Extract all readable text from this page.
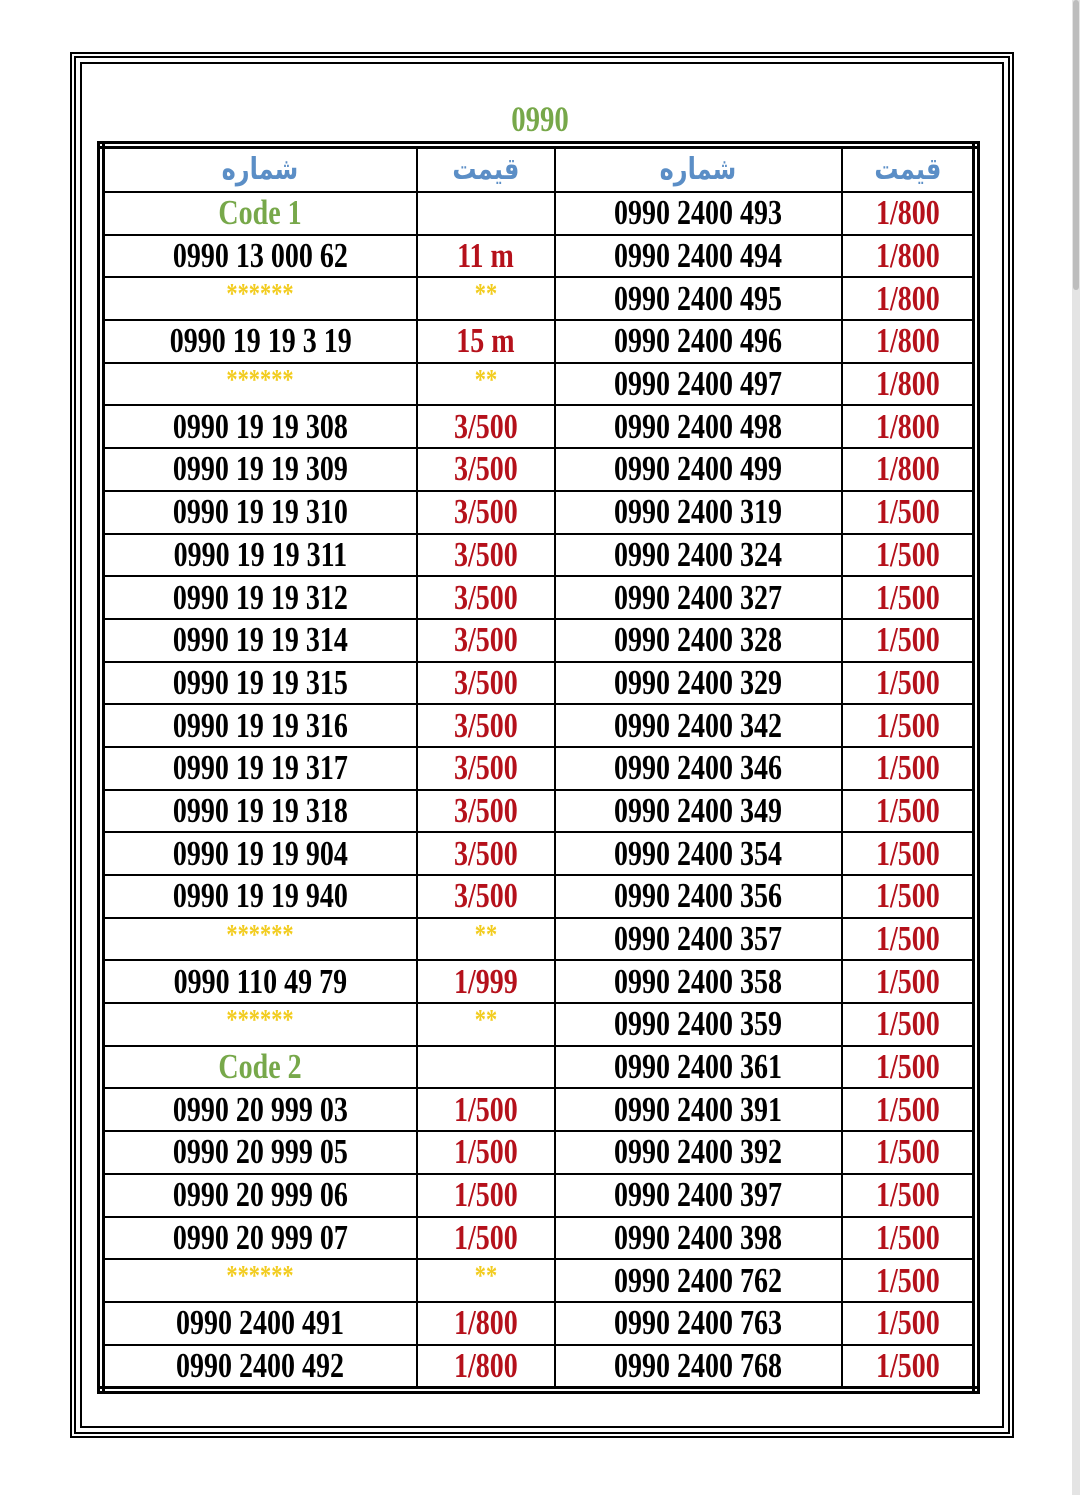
0990
شماره	قیمت	شماره	قیمت
Code 1		0990 2400 493	1/800
0990 13 000 62	11 m	0990 2400 494	1/800
******	**	0990 2400 495	1/800
0990 19 19 3 19	15 m	0990 2400 496	1/800
******	**	0990 2400 497	1/800
0990 19 19 308	3/500	0990 2400 498	1/800
0990 19 19 309	3/500	0990 2400 499	1/800
0990 19 19 310	3/500	0990 2400 319	1/500
0990 19 19 311	3/500	0990 2400 324	1/500
0990 19 19 312	3/500	0990 2400 327	1/500
0990 19 19 314	3/500	0990 2400 328	1/500
0990 19 19 315	3/500	0990 2400 329	1/500
0990 19 19 316	3/500	0990 2400 342	1/500
0990 19 19 317	3/500	0990 2400 346	1/500
0990 19 19 318	3/500	0990 2400 349	1/500
0990 19 19 904	3/500	0990 2400 354	1/500
0990 19 19 940	3/500	0990 2400 356	1/500
******	**	0990 2400 357	1/500
0990 110 49 79	1/999	0990 2400 358	1/500
******	**	0990 2400 359	1/500
Code 2		0990 2400 361	1/500
0990 20 999 03	1/500	0990 2400 391	1/500
0990 20 999 05	1/500	0990 2400 392	1/500
0990 20 999 06	1/500	0990 2400 397	1/500
0990 20 999 07	1/500	0990 2400 398	1/500
******	**	0990 2400 762	1/500
0990 2400 491	1/800	0990 2400 763	1/500
0990 2400 492	1/800	0990 2400 768	1/500
